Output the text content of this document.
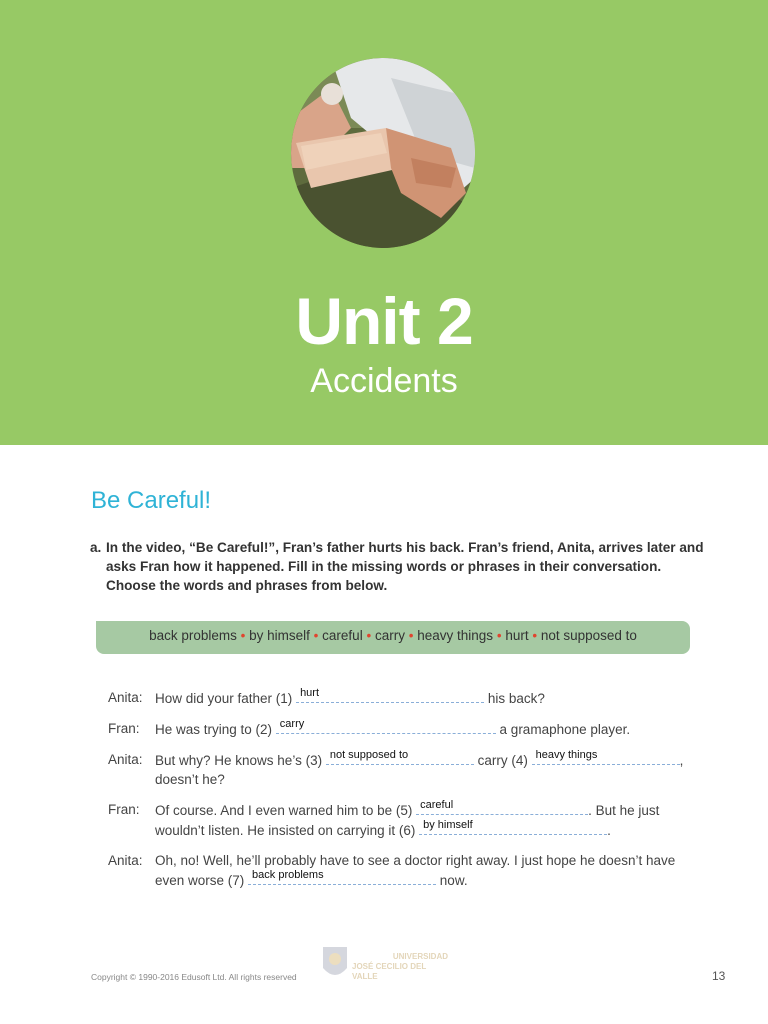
Unit 2
Accidents
Be Careful!
a. In the video, “Be Careful!”, Fran’s father hurts his back. Fran’s friend, Anita, arrives later and asks Fran how it happened. Fill in the missing words or phrases in their conversation. Choose the words and phrases from below.
back problems • by himself • careful • carry • heavy things • hurt • not supposed to
Anita: How did your father (1) hurt	his back?
Fran:	He was trying to (2) carry	a gramaphone player.
Anita: But why? He knows he’s (3) not supposed to	carry (4) heavy things	, doesn’t he?
Fran:	Of course. And I even warned him to be (5) careful	. But he just wouldn’t listen. He insisted on carrying it (6) by himself	.
Anita: Oh, no! Well, he’ll probably have to see a doctor right away. I just hope he doesn’t have even worse (7) back problems	now.
Copyright © 1990-2016 Edusoft Ltd. All rights reserved
UNIVERSIDAD
JOSÉ CECILIO DEL VALLE	13
